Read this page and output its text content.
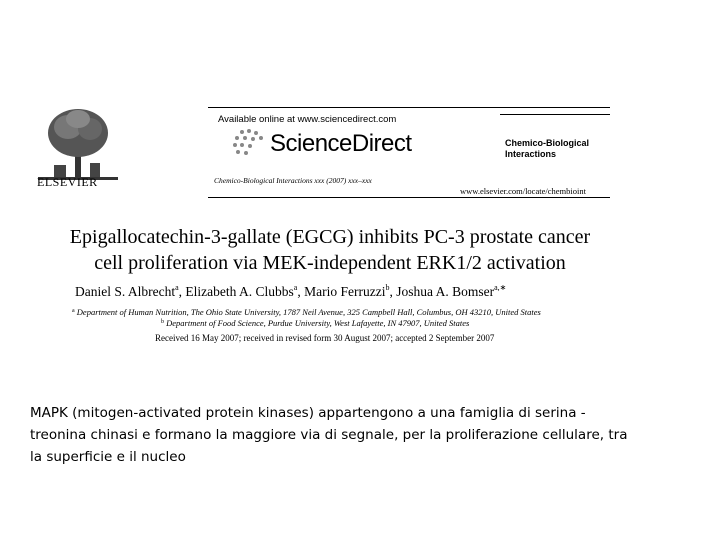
ELSEVIER
Available online at www.sciencedirect.com
ScienceDirect
Chemico-Biological Interactions xxx (2007) xxx–xxx
Chemico-Biological
Interactions
www.elsevier.com/locate/chembioint
Epigallocatechin-3-gallate (EGCG) inhibits PC-3 prostate cancer
cell proliferation via MEK-independent ERK1/2 activation
Daniel S. Albrecht$^a$, Elizabeth A. Clubbs$^a$, Mario Ferruzzi$^b$, Joshua A. Bomser$^{a,∗}$
$^a$ Department of Human Nutrition, The Ohio State University, 1787 Neil Avenue, 325 Campbell Hall, Columbus, OH 43210, United States
$^b$ Department of Food Science, Purdue University, West Lafayette, IN 47907, United States
Received 16 May 2007; received in revised form 30 August 2007; accepted 2 September 2007
MAPK (mitogen-activated protein kinases) appartengono a una famiglia di serina -treonina chinasi e formano la maggiore via di segnale, per la proliferazione cellulare, tra la superficie e il nucleo
